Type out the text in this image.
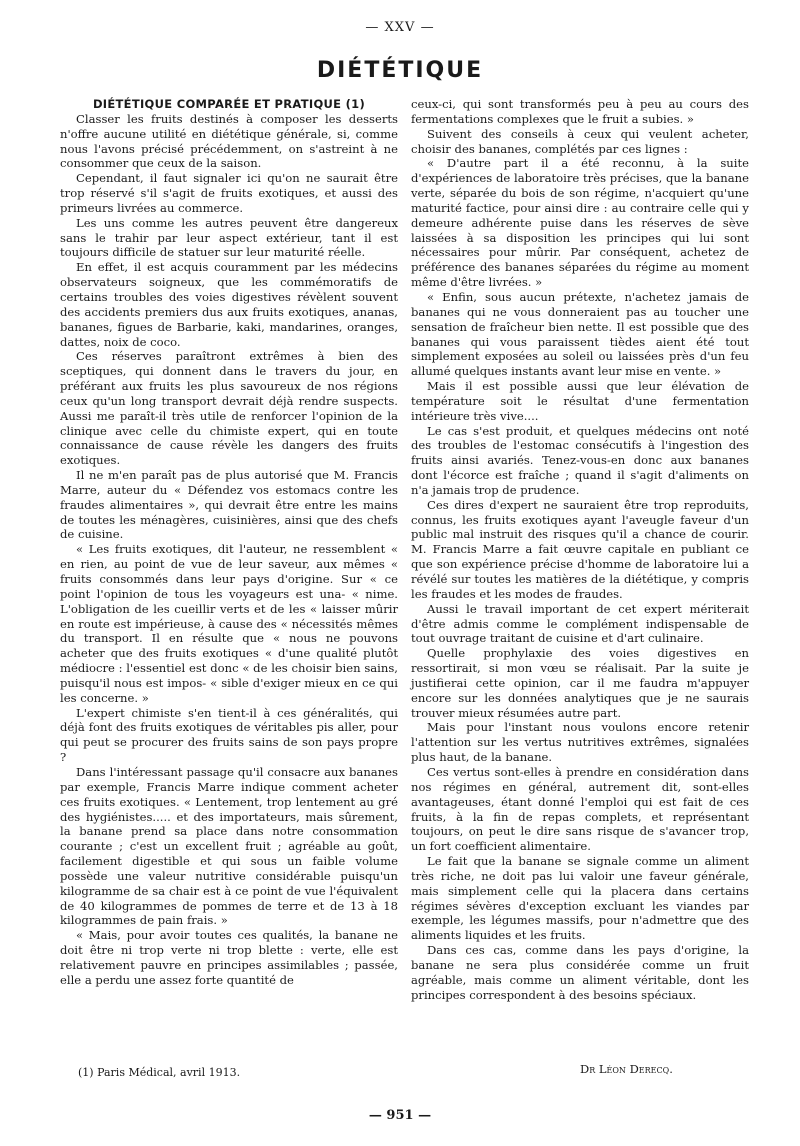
— XXV —
DIÉTÉTIQUE

DIÉTÉTIQUE COMPARÉE ET PRATIQUE (1)

Classer les fruits destinés à composer les desserts n'offre aucune utilité en diététique générale, si, comme nous l'avons précisé précédemment, on s'astreint à ne consommer que ceux de la saison.

Cependant, il faut signaler ici qu'on ne saurait être trop réservé s'il s'agit de fruits exotiques, et aussi des primeurs livrées au commerce.

Les uns comme les autres peuvent être dangereux sans le trahir par leur aspect extérieur, tant il est toujours difficile de statuer sur leur maturité réelle.

En effet, il est acquis couramment par les médecins observateurs soigneux, que les commémoratifs de certains troubles des voies digestives révèlent souvent des accidents premiers dus aux fruits exotiques, ananas, bananes, figues de Barbarie, kaki, mandarines, oranges, dattes, noix de coco.

Ces réserves paraîtront extrêmes à bien des sceptiques, qui donnent dans le travers du jour, en préférant aux fruits les plus savoureux de nos régions ceux qu'un long transport devrait déjà rendre suspects. Aussi me paraît-il très utile de renforcer l'opinion de la clinique avec celle du chimiste expert, qui en toute connaissance de cause révèle les dangers des fruits exotiques.

Il ne m'en paraît pas de plus autorisé que M. Francis Marre, auteur du « Défendez vos estomacs contre les fraudes alimentaires », qui devrait être entre les mains de toutes les ménagères, cuisinières, ainsi que des chefs de cuisine.

« Les fruits exotiques, dit l'auteur, ne ressemblent « en rien, au point de vue de leur saveur, aux mêmes « fruits consommés dans leur pays d'origine. Sur « ce point l'opinion de tous les voyageurs est una- « nime. L'obligation de les cueillir verts et de les « laisser mûrir en route est impérieuse, à cause des « nécessités mêmes du transport. Il en résulte que « nous ne pouvons acheter que des fruits exotiques « d'une qualité plutôt médiocre : l'essentiel est donc « de les choisir bien sains, puisqu'il nous est impos- « sible d'exiger mieux en ce qui les concerne. »

L'expert chimiste s'en tient-il à ces généralités, qui déjà font des fruits exotiques de véritables pis aller, pour qui peut se procurer des fruits sains de son pays propre ?

Dans l'intéressant passage qu'il consacre aux bananes par exemple, Francis Marre indique comment acheter ces fruits exotiques. « Lentement, trop lentement au gré des hygiénistes..... et des importateurs, mais sûrement, la banane prend sa place dans notre consommation courante ; c'est un excellent fruit ; agréable au goût, facilement digestible et qui sous un faible volume possède une valeur nutritive considérable puisqu'un kilogramme de sa chair est à ce point de vue l'équivalent de 40 kilogrammes de pommes de terre et de 13 à 18 kilogrammes de pain frais. »

« Mais, pour avoir toutes ces qualités, la banane ne doit être ni trop verte ni trop blette : verte, elle est relativement pauvre en principes assimilables ; passée, elle a perdu une assez forte quantité de

ceux-ci, qui sont transformés peu à peu au cours des fermentations complexes que le fruit a subies. »

Suivent des conseils à ceux qui veulent acheter, choisir des bananes, complétés par ces lignes :

« D'autre part il a été reconnu, à la suite d'expériences de laboratoire très précises, que la banane verte, séparée du bois de son régime, n'acquiert qu'une maturité factice, pour ainsi dire : au contraire celle qui y demeure adhérente puise dans les réserves de sève laissées à sa disposition les principes qui lui sont nécessaires pour mûrir. Par conséquent, achetez de préférence des bananes séparées du régime au moment même d'être livrées. »

« Enfin, sous aucun prétexte, n'achetez jamais de bananes qui ne vous donneraient pas au toucher une sensation de fraîcheur bien nette. Il est possible que des bananes qui vous paraissent tièdes aient été tout simplement exposées au soleil ou laissées près d'un feu allumé quelques instants avant leur mise en vente. »

Mais il est possible aussi que leur élévation de température soit le résultat d'une fermentation intérieure très vive....

Le cas s'est produit, et quelques médecins ont noté des troubles de l'estomac consécutifs à l'ingestion des fruits ainsi avariés. Tenez-vous-en donc aux bananes dont l'écorce est fraîche ; quand il s'agit d'aliments on n'a jamais trop de prudence.

Ces dires d'expert ne sauraient être trop reproduits, connus, les fruits exotiques ayant l'aveugle faveur d'un public mal instruit des risques qu'il a chance de courir. M. Francis Marre a fait œuvre capitale en publiant ce que son expérience précise d'homme de laboratoire lui a révélé sur toutes les matières de la diététique, y compris les fraudes et les modes de fraudes.

Aussi le travail important de cet expert mériterait d'être admis comme le complément indispensable de tout ouvrage traitant de cuisine et d'art culinaire.

Quelle prophylaxie des voies digestives en ressortirait, si mon vœu se réalisait. Par la suite je justifierai cette opinion, car il me faudra m'appuyer encore sur les données analytiques que je ne saurais trouver mieux résumées autre part.

Mais pour l'instant nous voulons encore retenir l'attention sur les vertus nutritives extrêmes, signalées plus haut, de la banane.

Ces vertus sont-elles à prendre en considération dans nos régimes en général, autrement dit, sont-elles avantageuses, étant donné l'emploi qui est fait de ces fruits, à la fin de repas complets, et représentant toujours, on peut le dire sans risque de s'avancer trop, un fort coefficient alimentaire.

Le fait que la banane se signale comme un aliment très riche, ne doit pas lui valoir une faveur générale, mais simplement celle qui la placera dans certains régimes sévères d'exception excluant les viandes par exemple, les légumes massifs, pour n'admettre que des aliments liquides et les fruits.

Dans ces cas, comme dans les pays d'origine, la banane ne sera plus considérée comme un fruit agréable, mais comme un aliment véritable, dont les principes correspondent à des besoins spéciaux.

(1) Paris Médical, avril 1913.	Dr Léon Derecq.
— 951 —
